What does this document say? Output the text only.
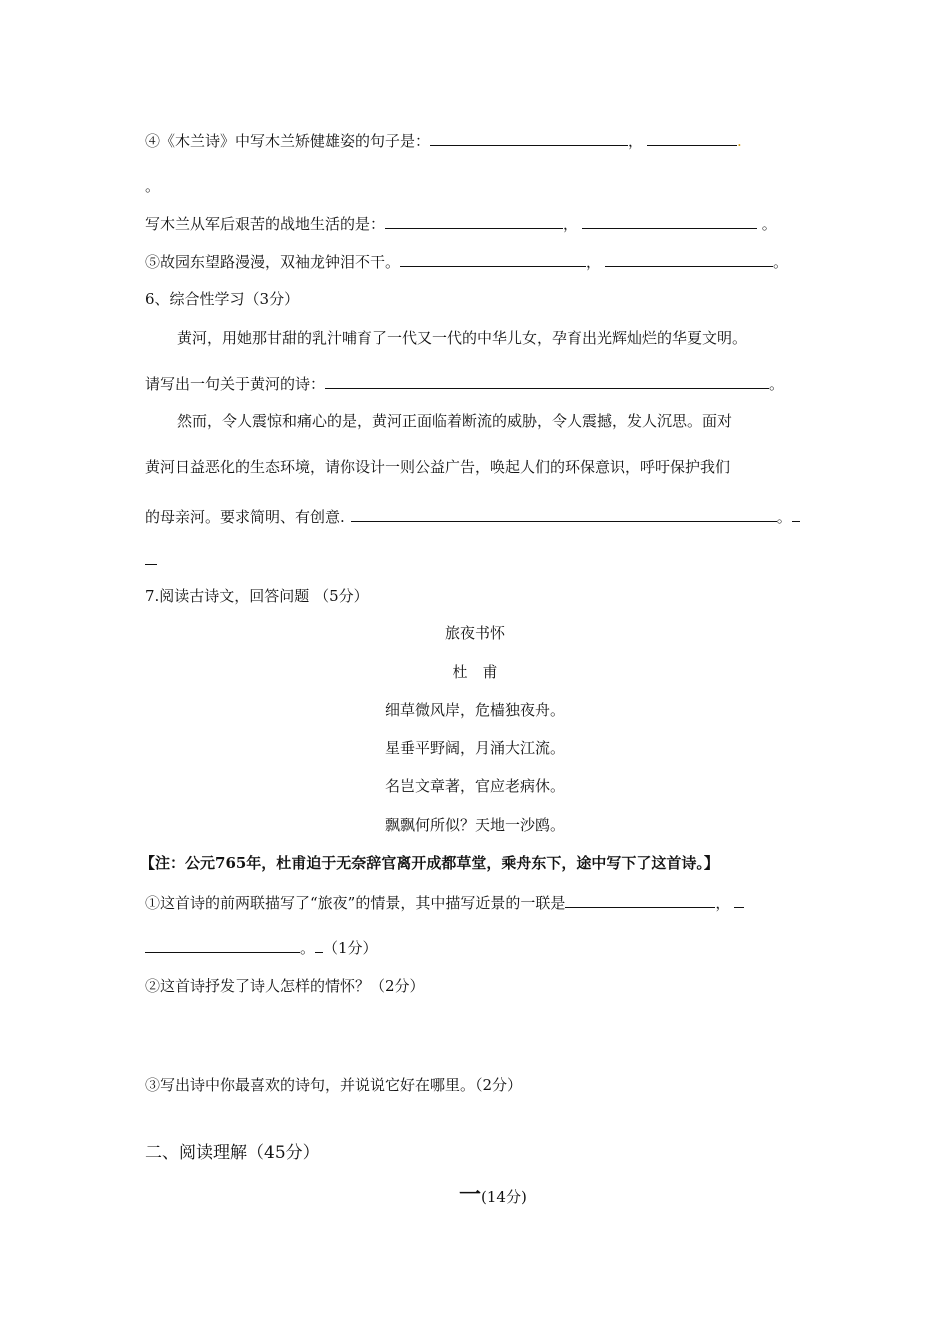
④《木兰诗》中写木兰矫健雄姿的句子是：	，	.
。
写木兰从军后艰苦的战地生活的是：	，	。
⑤故园东望路漫漫，双袖龙钟泪不干。	，	。
6、综合性学习（3分）
黄河，用她那甘甜的乳汁哺育了一代又一代的中华儿女，孕育出光辉灿烂的华夏文明。
请写出一句关于黄河的诗：	。
然而，令人震惊和痛心的是，黄河正面临着断流的威胁，令人震撼，发人沉思。面对
黄河日益恶化的生态环境，请你设计一则公益广告，唤起人们的环保意识，呼吁保护我们
的母亲河。要求简明、有创意.	。
7.阅读古诗文，回答问题 （5分）
旅夜书怀
杜　甫
细草微风岸，危樯独夜舟。
星垂平野阔，月涌大江流。
名岂文章著，官应老病休。
飘飘何所似？天地一沙鸥。
【注：公元765年，杜甫迫于无奈辞官离开成都草堂，乘舟东下，途中写下了这首诗。】
①这首诗的前两联描写了“旅夜”的情景，其中描写近景的一联是	，
。 （1分）
②这首诗抒发了诗人怎样的情怀？（2分）
③写出诗中你最喜欢的诗句，并说说它好在哪里。（2分）
二、阅读理解（45分）
一(14分)
